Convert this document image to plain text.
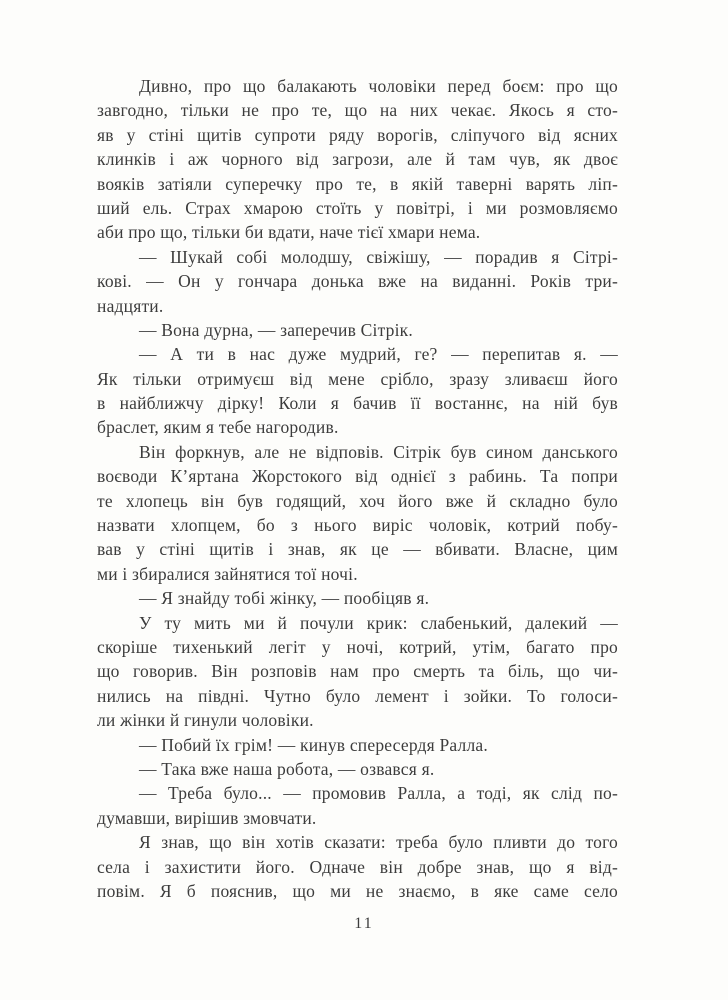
Дивно, про що балакають чоловіки перед боєм: про що
завгодно, тільки не про те, що на них чекає. Якось я сто-
яв у стіні щитів супроти ряду ворогів, сліпучого від ясних
клинків і аж чорного від загрози, але й там чув, як двоє
вояків затіяли суперечку про те, в якій таверні варять ліп-
ший ель. Страх хмарою стоїть у повітрі, і ми розмовляємо
аби про що, тільки би вдати, наче тієї хмари нема.
— Шукай собі молодшу, свіжішу, — порадив я Сітрі-
кові. — Он у гончара донька вже на виданні. Років три-
надцяти.
— Вона дурна, — заперечив Сітрік.
— А ти в нас дуже мудрий, ге? — перепитав я. —
Як тільки отримуєш від мене срібло, зразу зливаєш його
в найближчу дірку! Коли я бачив її востаннє, на ній був
браслет, яким я тебе нагородив.
Він форкнув, але не відповів. Сітрік був сином данського
воєводи К’яртана Жорстокого від однієї з рабинь. Та попри
те хлопець він був годящий, хоч його вже й складно було
назвати хлопцем, бо з нього виріс чоловік, котрий побу-
вав у стіні щитів і знав, як це — вбивати. Власне, цим
ми і збиралися зайнятися тої ночі.
— Я знайду тобі жінку, — пообіцяв я.
У ту мить ми й почули крик: слабенький, далекий —
скоріше тихенький легіт у ночі, котрий, утім, багато про
що говорив. Він розповів нам про смерть та біль, що чи-
нились на півдні. Чутно було лемент і зойки. То голоси-
ли жінки й гинули чоловіки.
— Побий їх грім! — кинув спересердя Ралла.
— Така вже наша робота, — озвався я.
— Треба було... — промовив Ралла, а тоді, як слід по-
думавши, вирішив змовчати.
Я знав, що він хотів сказати: треба було пливти до того
села і захистити його. Одначе він добре знав, що я від-
повім. Я б пояснив, що ми не знаємо, в яке саме село
11
